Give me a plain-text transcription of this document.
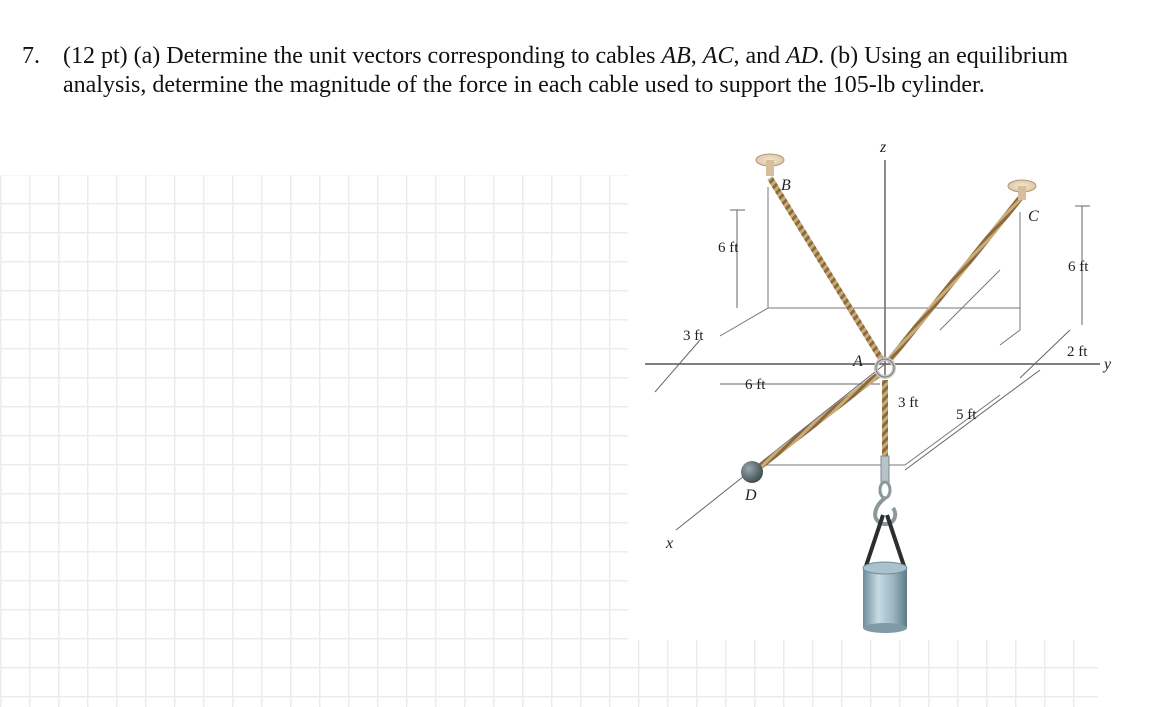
7. (12 pt) (a) Determine the unit vectors corresponding to cables AB, AC, and AD. (b) Using an equilibrium analysis, determine the magnitude of the force in each cable used to support the 105-lb cylinder.
B
C
A
D
z
y
x
6 ft
6 ft
3 ft
6 ft
3 ft
5 ft
2 ft
